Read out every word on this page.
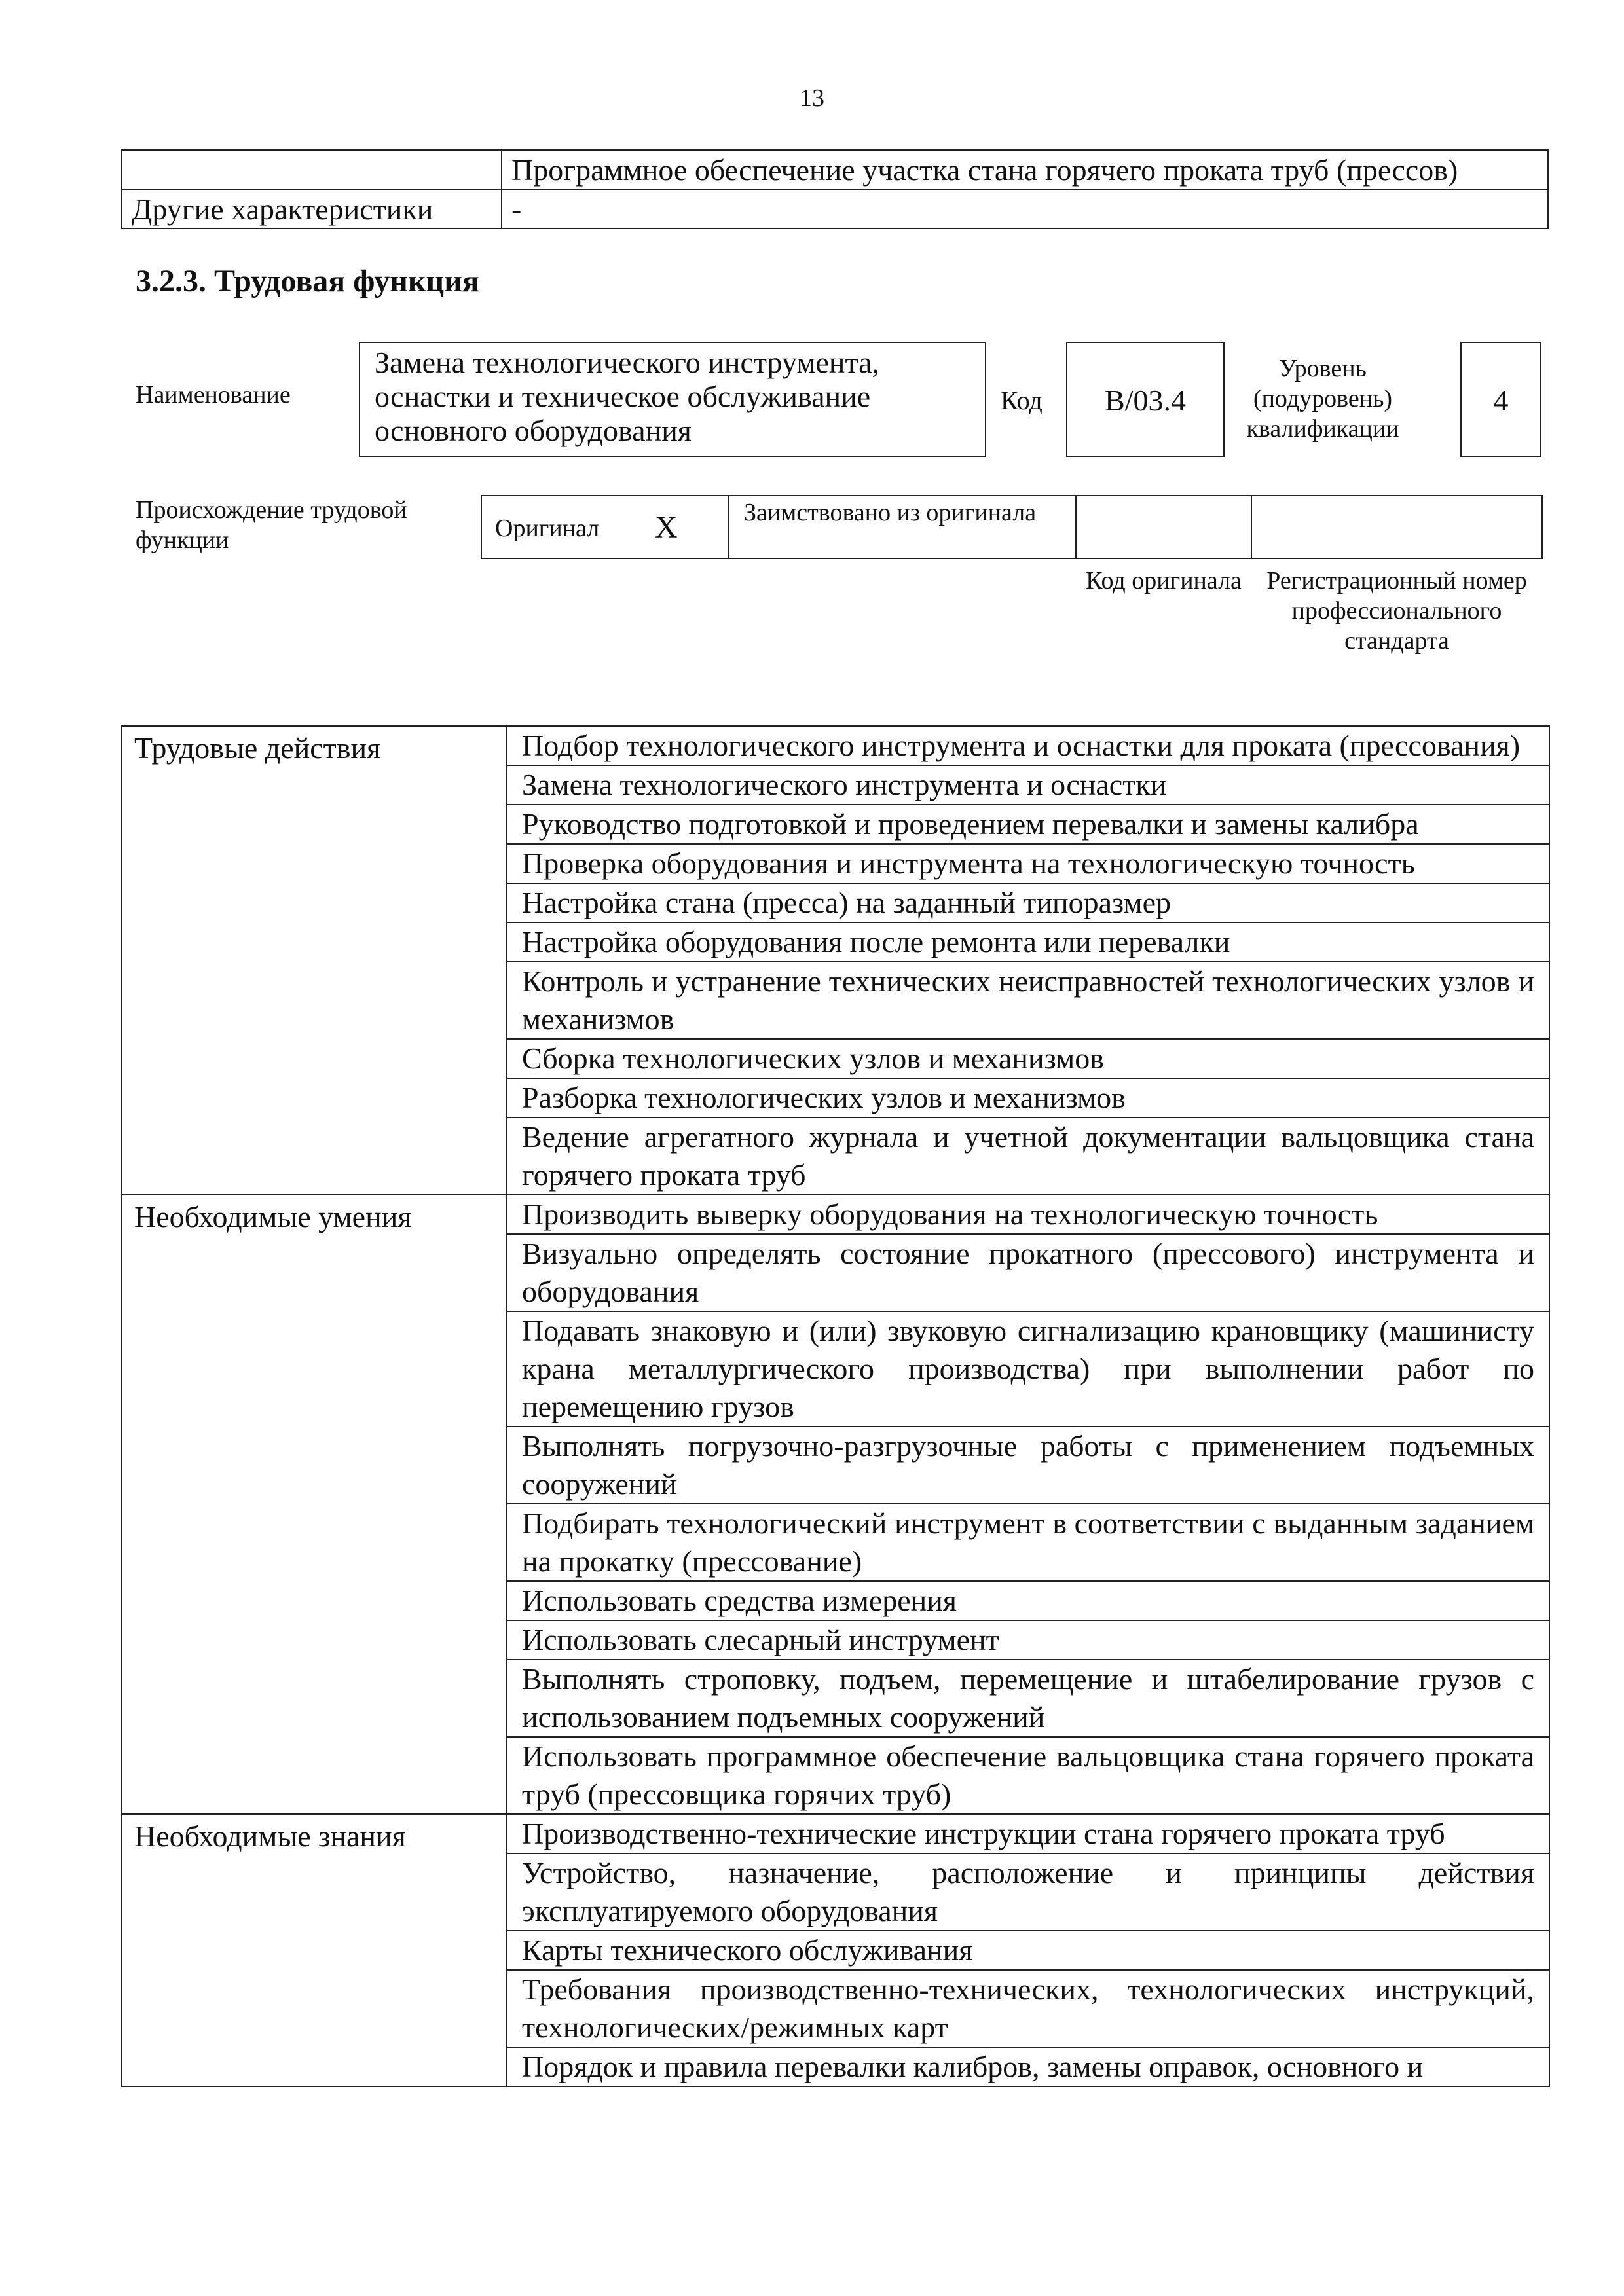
13
	Программное обеспечение участка стана горячего проката труб (прессов)
Другие характеристики	-
3.2.3. Трудовая функция
Наименование
Замена технологического инструмента, оснастки и техническое обслуживание основного оборудования
Код	B/03.4
Уровень (подуровень) квалификации
4
Происхождение трудовой функции	Оригинал X	Заимствовано из оригинала
Код оригинала	Регистрационный номер профессионального стандарта
Трудовые действия	Подбор технологического инструмента и оснастки для проката (прессования)
	Замена технологического инструмента и оснастки
	Руководство подготовкой и проведением перевалки и замены калибра
	Проверка оборудования и инструмента на технологическую точность
	Настройка стана (пресса) на заданный типоразмер
	Настройка оборудования после ремонта или перевалки
	Контроль и устранение технических неисправностей технологических узлов и механизмов
	Сборка технологических узлов и механизмов
	Разборка технологических узлов и механизмов
	Ведение агрегатного журнала и учетной документации вальцовщика стана горячего проката труб
Необходимые умения	Производить выверку оборудования на технологическую точность
	Визуально определять состояние прокатного (прессового) инструмента и оборудования
	Подавать знаковую и (или) звуковую сигнализацию крановщику (машинисту крана металлургического производства) при выполнении работ по перемещению грузов
	Выполнять погрузочно-разгрузочные работы с применением подъемных сооружений
	Подбирать технологический инструмент в соответствии с выданным заданием на прокатку (прессование)
	Использовать средства измерения
	Использовать слесарный инструмент
	Выполнять строповку, подъем, перемещение и штабелирование грузов с использованием подъемных сооружений
	Использовать программное обеспечение вальцовщика стана горячего проката труб (прессовщика горячих труб)
Необходимые знания	Производственно-технические инструкции стана горячего проката труб
	Устройство, назначение, расположение и принципы действия эксплуатируемого оборудования
	Карты технического обслуживания
	Требования производственно-технических, технологических инструкций, технологических/режимных карт
	Порядок и правила перевалки калибров, замены оправок, основного и
